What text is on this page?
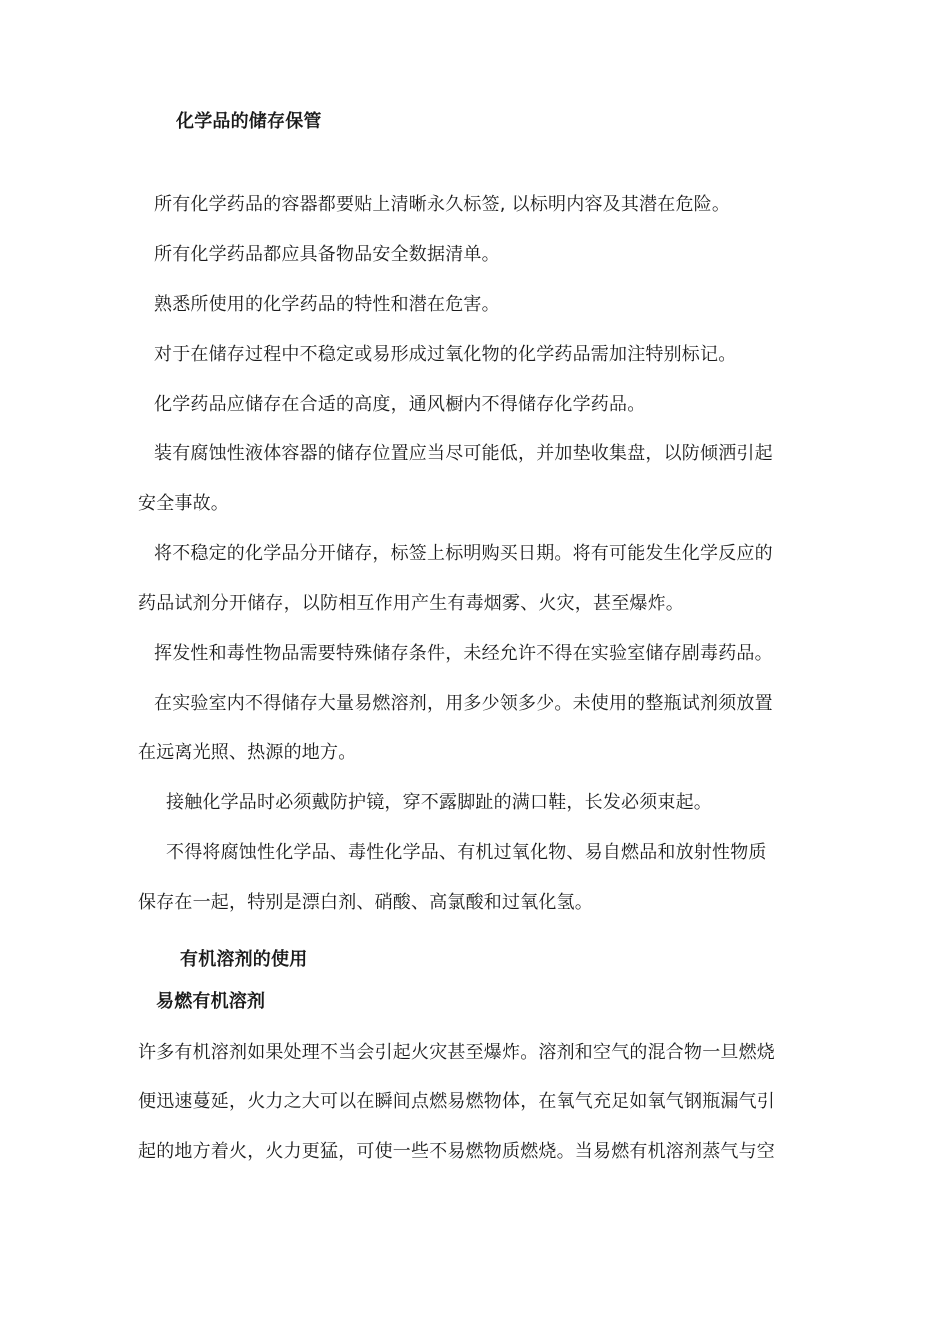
化学品的储存保管
所有化学药品的容器都要贴上清晰永久标签, 以标明内容及其潜在危险。
所有化学药品都应具备物品安全数据清单。
熟悉所使用的化学药品的特性和潜在危害。
对于在储存过程中不稳定或易形成过氧化物的化学药品需加注特别标记。
化学药品应储存在合适的高度，通风橱内不得储存化学药品。
装有腐蚀性液体容器的储存位置应当尽可能低，并加垫收集盘，以防倾洒引起
安全事故。
将不稳定的化学品分开储存，标签上标明购买日期。将有可能发生化学反应的
药品试剂分开储存，以防相互作用产生有毒烟雾、火灾，甚至爆炸。
挥发性和毒性物品需要特殊储存条件，未经允许不得在实验室储存剧毒药品。
在实验室内不得储存大量易燃溶剂，用多少领多少。未使用的整瓶试剂须放置
在远离光照、热源的地方。
接触化学品时必须戴防护镜，穿不露脚趾的满口鞋，长发必须束起。
不得将腐蚀性化学品、毒性化学品、有机过氧化物、易自燃品和放射性物质
保存在一起，特别是漂白剂、硝酸、高氯酸和过氧化氢。
有机溶剂的使用
易燃有机溶剂
许多有机溶剂如果处理不当会引起火灾甚至爆炸。溶剂和空气的混合物一旦燃烧
便迅速蔓延，火力之大可以在瞬间点燃易燃物体，在氧气充足如氧气钢瓶漏气引
起的地方着火，火力更猛，可使一些不易燃物质燃烧。当易燃有机溶剂蒸气与空
